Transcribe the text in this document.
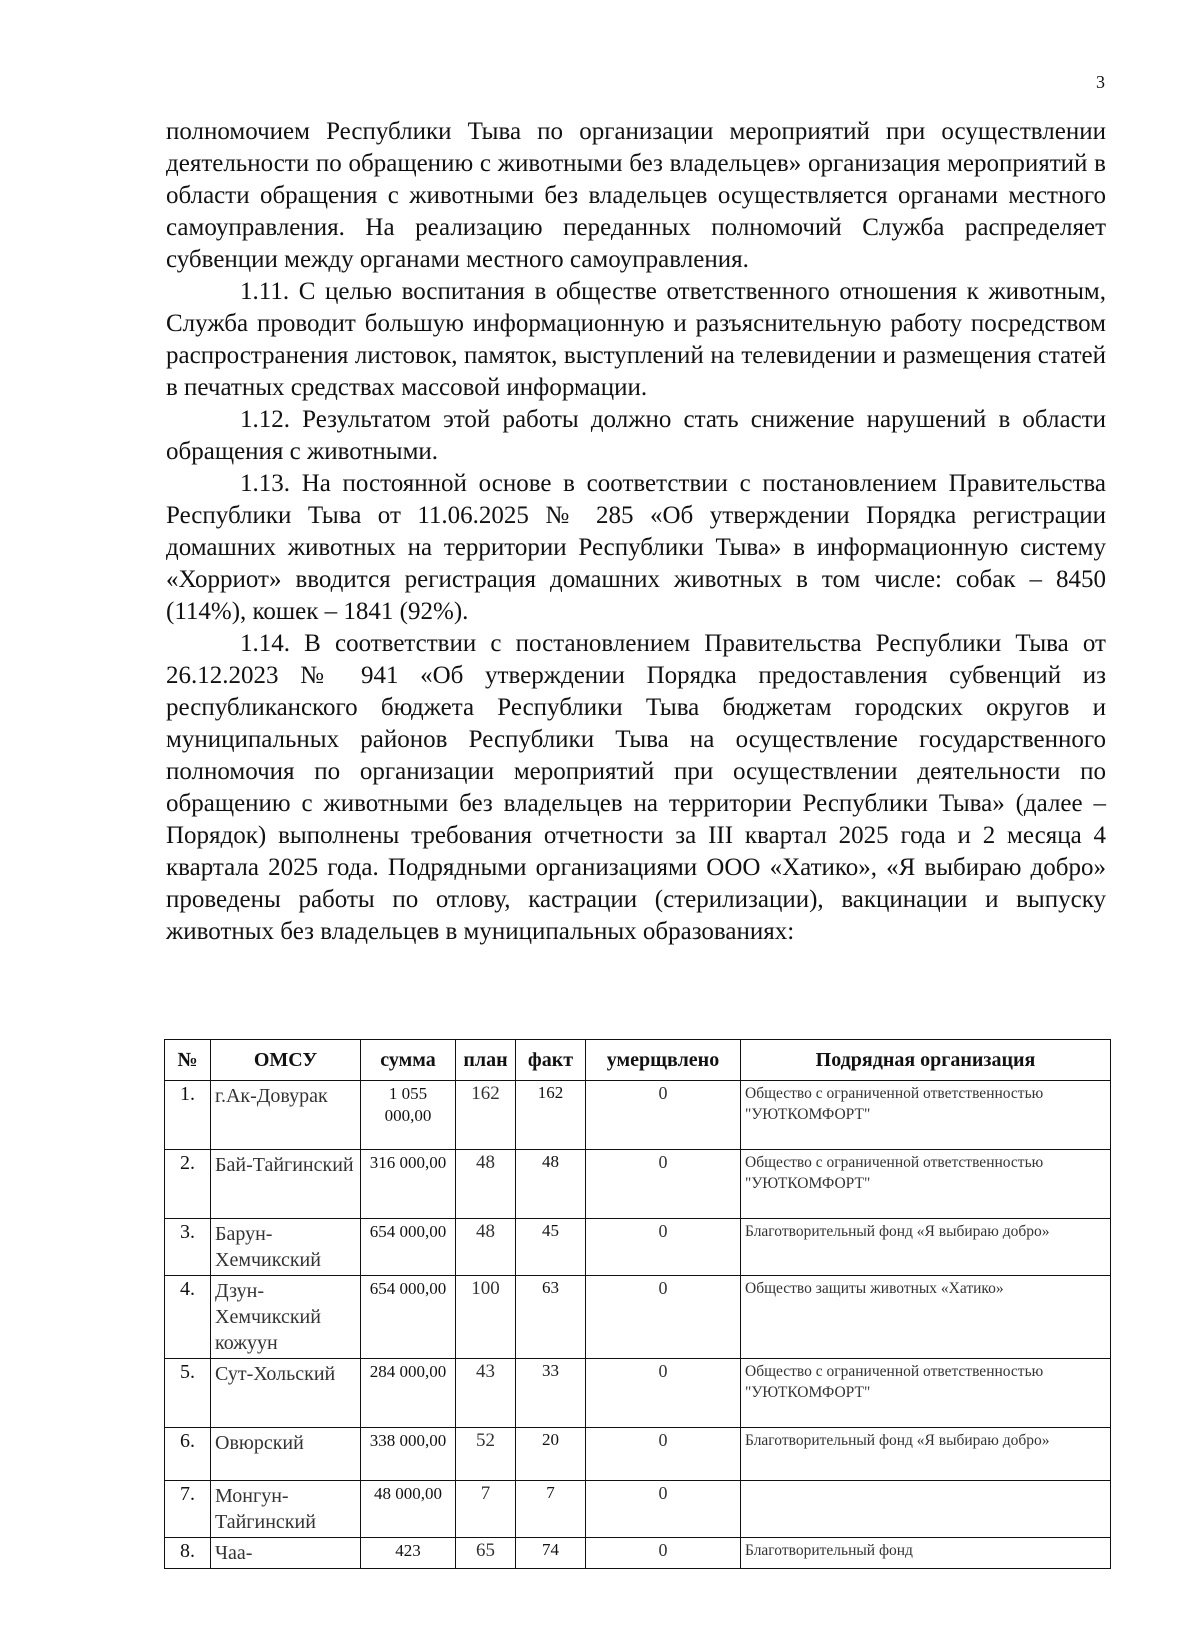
3

полномочием Республики Тыва по организации мероприятий при осуществлении деятельности по обращению с животными без владельцев» организация мероприятий в области обращения с животными без владельцев осуществляется органами местного самоуправления. На реализацию переданных полномочий Служба распределяет субвенции между органами местного самоуправления.

1.11. С целью воспитания в обществе ответственного отношения к животным, Служба проводит большую информационную и разъяснительную работу посредством распространения листовок, памяток, выступлений на телевидении и размещения статей в печатных средствах массовой информации.

1.12. Результатом этой работы должно стать снижение нарушений в области обращения с животными.

1.13. На постоянной основе в соответствии с постановлением Правительства Республики Тыва от 11.06.2025 № 285 «Об утверждении Порядка регистрации домашних животных на территории Республики Тыва» в информационную систему «Хорриот» вводится регистрация домашних животных в том числе: собак – 8450 (114%), кошек – 1841 (92%).

1.14. В соответствии с постановлением Правительства Республики Тыва от 26.12.2023 № 941 «Об утверждении Порядка предоставления субвенций из республиканского бюджета Республики Тыва бюджетам городских округов и муниципальных районов Республики Тыва на осуществление государственного полномочия по организации мероприятий при осуществлении деятельности по обращению с животными без владельцев на территории Республики Тыва» (далее – Порядок) выполнены требования отчетности за III квартал 2025 года и 2 месяца 4 квартала 2025 года. Подрядными организациями ООО «Хатико», «Я выбираю добро» проведены работы по отлову, кастрации (стерилизации), вакцинации и выпуску животных без владельцев в муниципальных образованиях:

№	ОМСУ	сумма	план	факт	умерщвлено	Подрядная организация
1.	г.Ак-Довурак	1 055 000,00	162	162	0	Общество с ограниченной ответственностью "УЮТКОМФОРТ"
2.	Бай-Тайгинский	316 000,00	48	48	0	Общество с ограниченной ответственностью "УЮТКОМФОРТ"
3.	Барун-Хемчикский	654 000,00	48	45	0	Благотворительный фонд «Я выбираю добро»
4.	Дзун-Хемчикский кожуун	654 000,00	100	63	0	Общество защиты животных «Хатико»
5.	Сут-Хольский	284 000,00	43	33	0	Общество с ограниченной ответственностью "УЮТКОМФОРТ"
6.	Овюрский	338 000,00	52	20	0	Благотворительный фонд «Я выбираю добро»
7.	Монгун-Тайгинский	48 000,00	7	7	0	
8.	Чаа-	423	65	74	0	Благотворительный фонд
